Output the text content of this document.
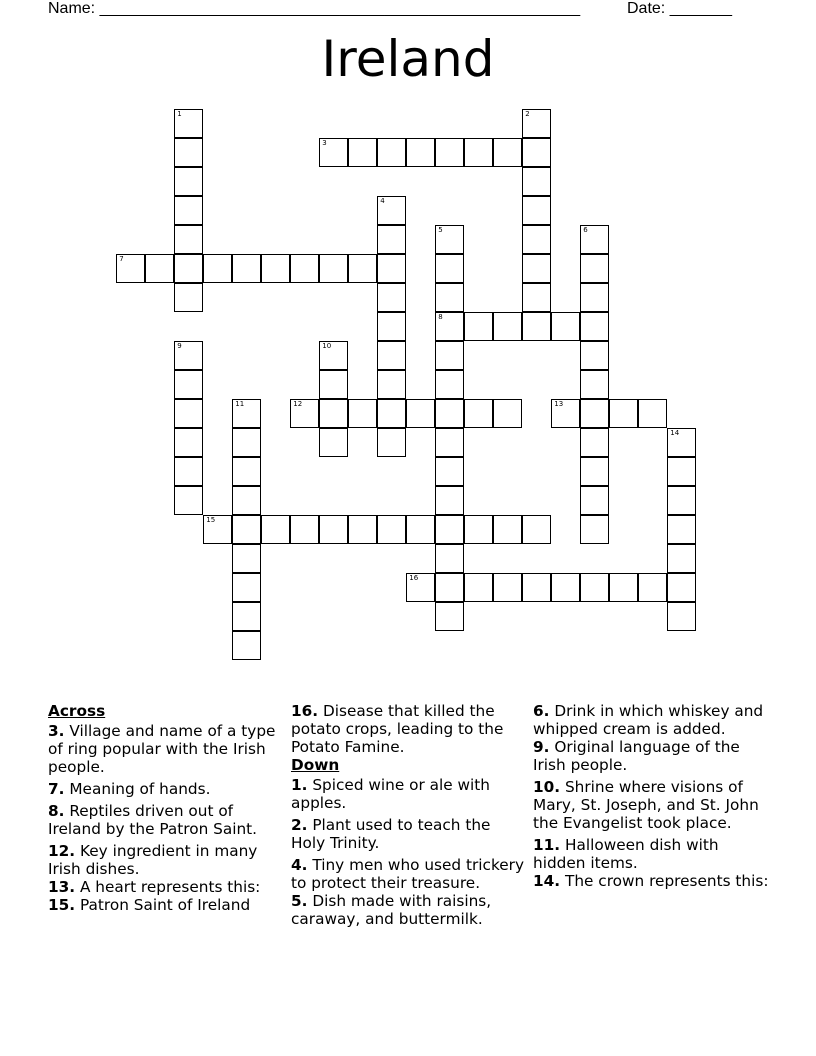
Name: ______________________________________________________	Date: _______
Ireland
1	2
3
4
5
8
6
7
9	10
11	12	13
14
15
16
Across
3. Village and name of a type of ring popular with the Irish people.
7. Meaning of hands.
8. Reptiles driven out of Ireland by the Patron Saint.
12. Key ingredient in many Irish dishes.
13. A heart represents this:
15. Patron Saint of Ireland
16. Disease that killed the potato crops, leading to the Potato Famine.
Down
1. Spiced wine or ale with apples.
2. Plant used to teach the Holy Trinity.
4. Tiny men who used trickery to protect their treasure.
5. Dish made with raisins, caraway, and buttermilk.
6. Drink in which whiskey and whipped cream is added.
9. Original language of the Irish people.
10. Shrine where visions of Mary, St. Joseph, and St. John the Evangelist took place.
11. Halloween dish with hidden items.
14. The crown represents this:
